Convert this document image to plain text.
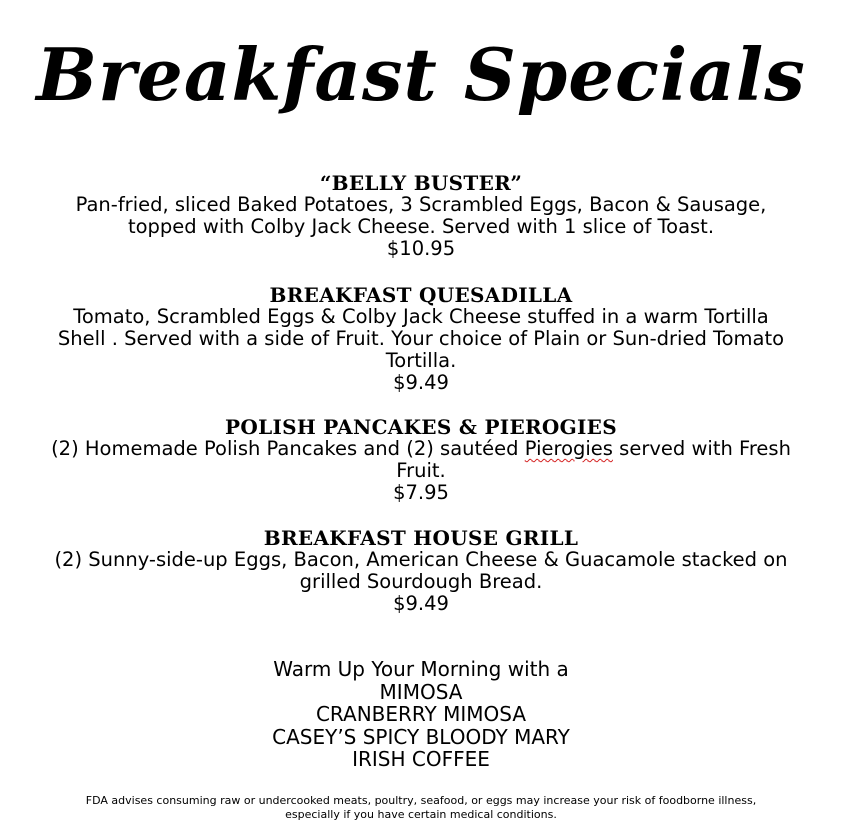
Breakfast Specials
“BELLY BUSTER”
Pan-fried, sliced Baked Potatoes, 3 Scrambled Eggs, Bacon & Sausage, topped with Colby Jack Cheese. Served with 1 slice of Toast.
$10.95
BREAKFAST QUESADILLA
Tomato, Scrambled Eggs & Colby Jack Cheese stuffed in a warm Tortilla Shell . Served with a side of Fruit. Your choice of Plain or Sun-dried Tomato Tortilla.
$9.49
POLISH PANCAKES & PIEROGIES
(2) Homemade Polish Pancakes and (2) sautéed Pierogies served with Fresh Fruit.
$7.95
BREAKFAST HOUSE GRILL
(2) Sunny-side-up Eggs, Bacon, American Cheese & Guacamole stacked on grilled Sourdough Bread.
$9.49
Warm Up Your Morning with a
MIMOSA
CRANBERRY MIMOSA
CASEY’S SPICY BLOODY MARY
IRISH COFFEE
FDA advises consuming raw or undercooked meats, poultry, seafood, or eggs may increase your risk of foodborne illness,
especially if you have certain medical conditions.
